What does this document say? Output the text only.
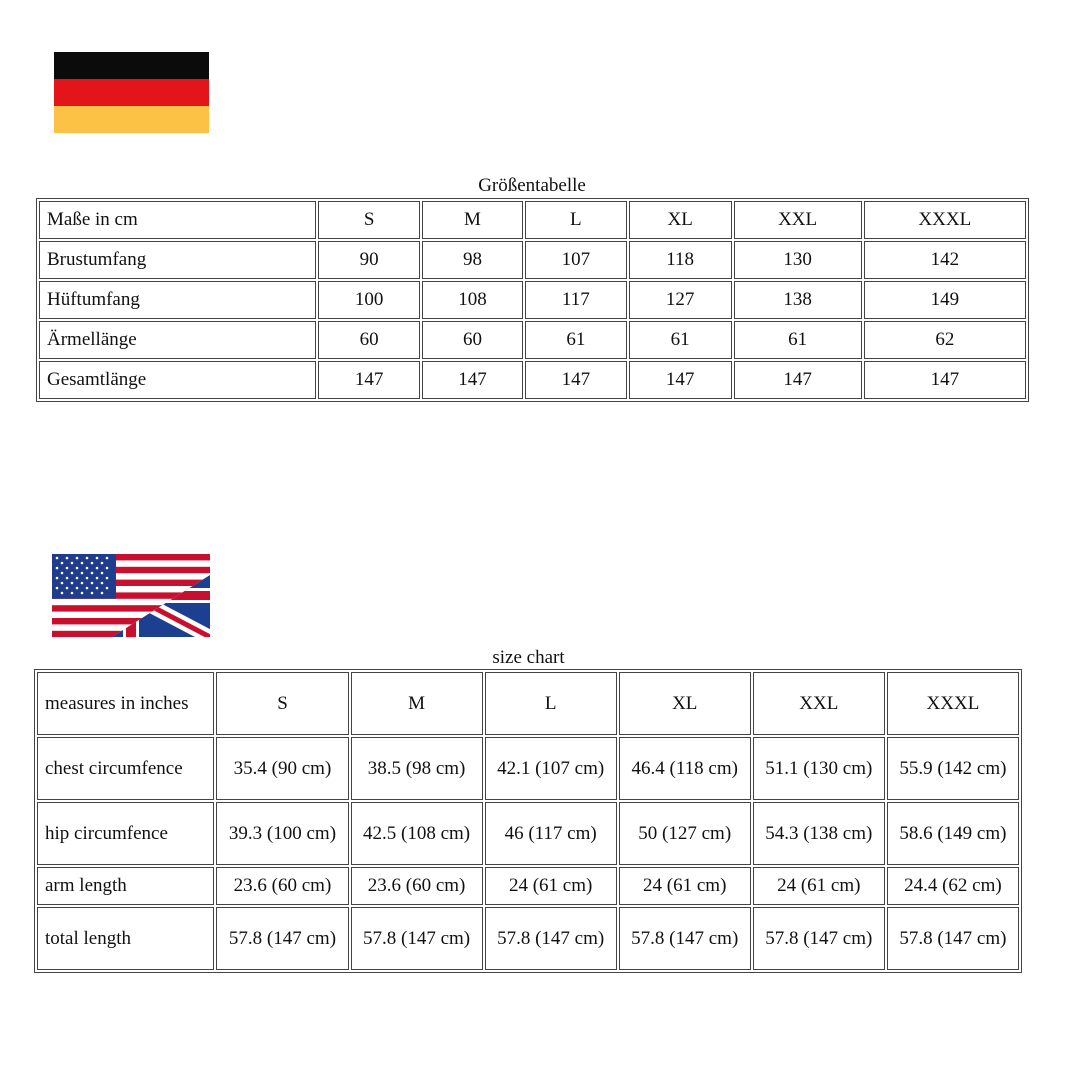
Größentabelle
Maße in cm	S	M	L	XL	XXL	XXXL
Brustumfang	90	98	107	118	130	142
Hüftumfang	100	108	117	127	138	149
Ärmellänge	60	60	61	61	61	62
Gesamtlänge	147	147	147	147	147	147
size chart
measures in inches	S	M	L	XL	XXL	XXXL
chest circumfence	35.4 (90 cm)	38.5 (98 cm)	42.1 (107 cm)	46.4 (118 cm)	51.1 (130 cm)	55.9 (142 cm)
hip circumfence	39.3 (100 cm)	42.5 (108 cm)	46 (117 cm)	50 (127 cm)	54.3 (138 cm)	58.6 (149 cm)
arm length	23.6 (60 cm)	23.6 (60 cm)	24 (61 cm)	24 (61 cm)	24 (61 cm)	24.4 (62 cm)
total length	57.8 (147 cm)	57.8 (147 cm)	57.8 (147 cm)	57.8 (147 cm)	57.8 (147 cm)	57.8 (147 cm)
